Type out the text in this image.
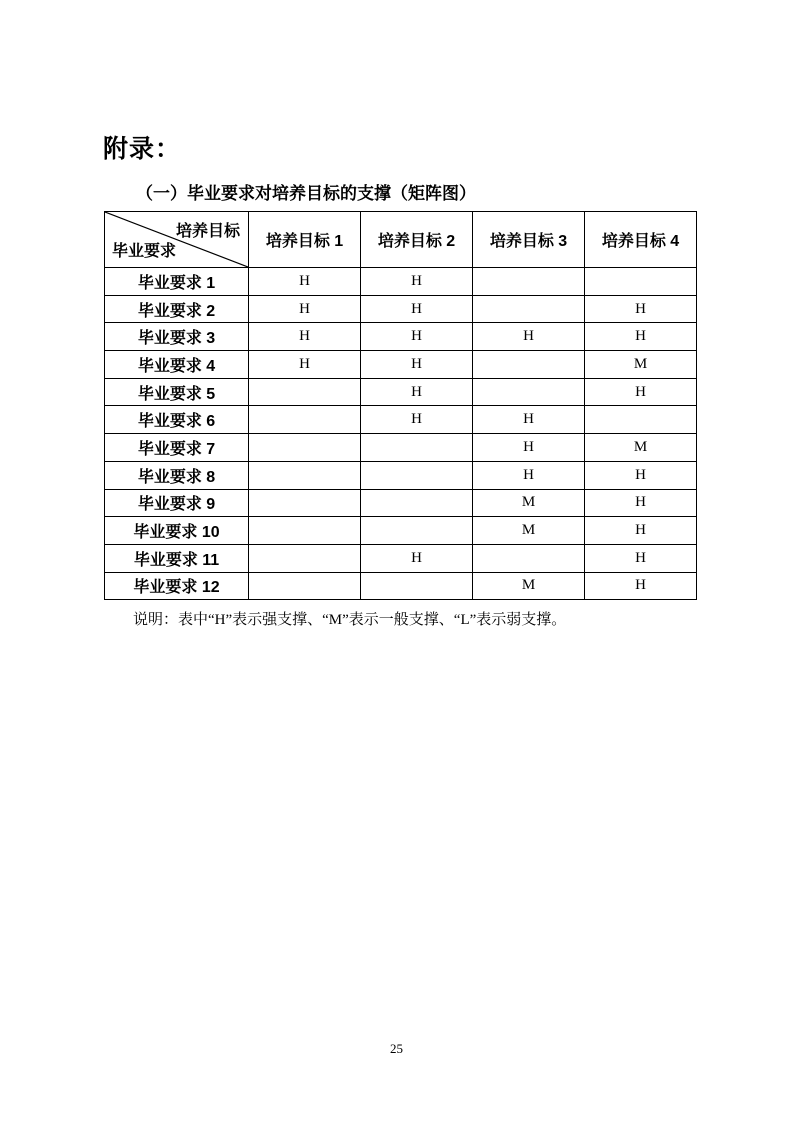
附录：
（一）毕业要求对培养目标的支撑（矩阵图）
培养目标
毕业要求	培养目标 1	培养目标 2	培养目标 3	培养目标 4
毕业要求 1	H	H		
毕业要求 2	H	H		H
毕业要求 3	H	H	H	H
毕业要求 4	H	H		M
毕业要求 5		H		H
毕业要求 6		H	H	
毕业要求 7			H	M
毕业要求 8			H	H
毕业要求 9			M	H
毕业要求 10			M	H
毕业要求 11		H		H
毕业要求 12			M	H

说明：表中“H”表示强支撑、“M”表示一般支撑、“L”表示弱支撑。

25
